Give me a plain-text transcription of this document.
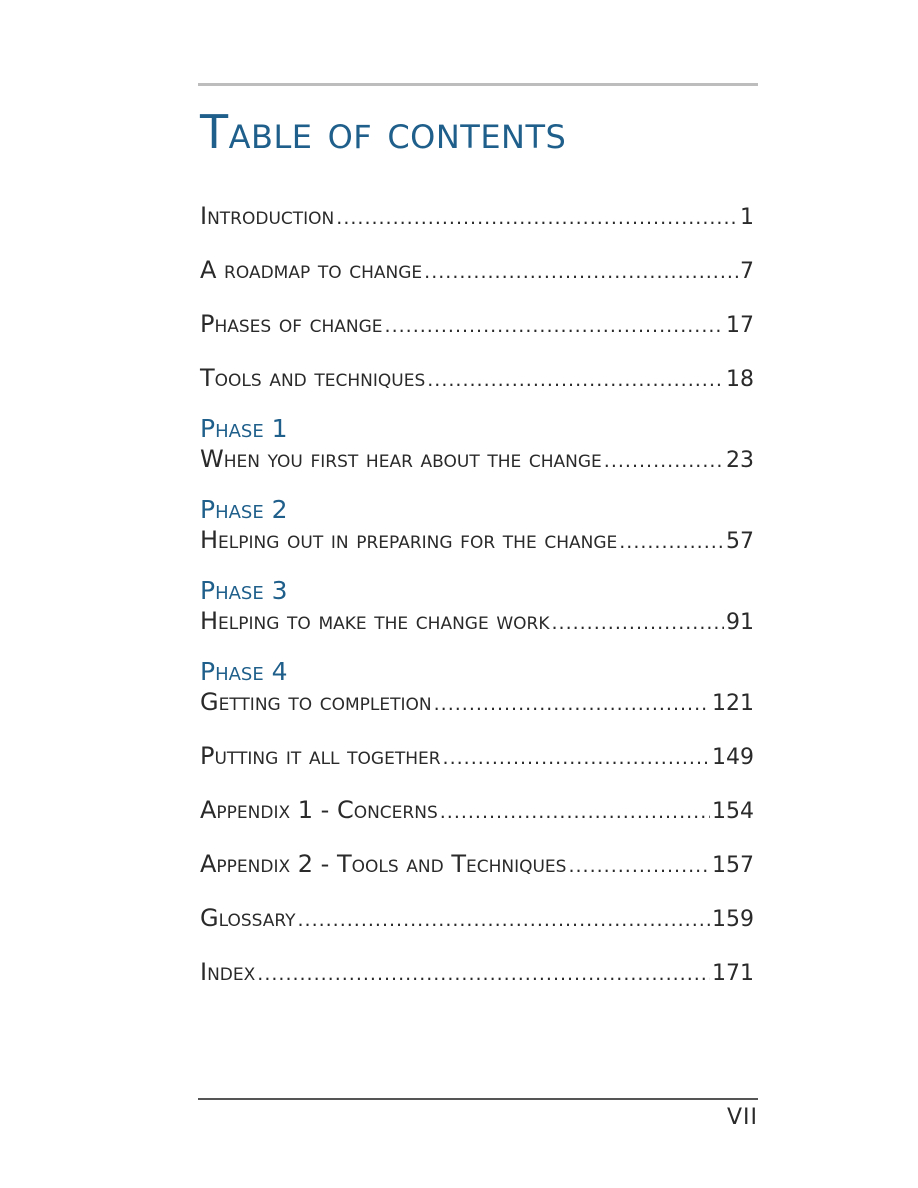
Table of contents
Introduction .....	1
A roadmap to change .....	7
Phases of change .....	17
Tools and techniques .....	18
Phase 1
When you first hear about the change .....	23
Phase 2
Helping out in preparing for the change .....	57
Phase 3
Helping to make the change work .....	91
Phase 4
Getting to completion .....	121
Putting it all together .....	149
Appendix 1 - Concerns .....	154
Appendix 2 - Tools and Techniques .....	157
Glossary .....	159
Index .....	171
VII
